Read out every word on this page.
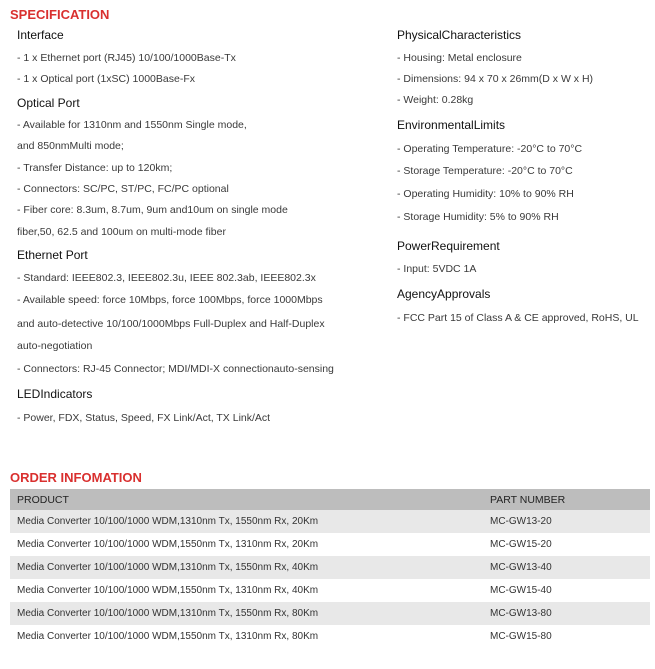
SPECIFICATION
Interface
- 1 x Ethernet port (RJ45) 10/100/1000Base-Tx
- 1 x Optical port (1xSC) 1000Base-Fx
Optical Port
- Available for 1310nm and 1550nm Single mode,
and 850nmMulti mode;
- Transfer Distance: up to 120km;
- Connectors: SC/PC, ST/PC, FC/PC optional
- Fiber core: 8.3um, 8.7um, 9um and10um on single mode
fiber,50, 62.5 and 100um on multi-mode fiber
Ethernet Port
- Standard: IEEE802.3, IEEE802.3u, IEEE 802.3ab, IEEE802.3x
- Available speed: force 10Mbps, force 100Mbps, force 1000Mbps
and auto-detective 10/100/1000Mbps Full-Duplex and Half-Duplex
auto-negotiation
- Connectors: RJ-45 Connector; MDI/MDI-X connectionauto-sensing
LEDIndicators
- Power, FDX, Status, Speed, FX Link/Act, TX Link/Act
PhysicalCharacteristics
- Housing: Metal enclosure
- Dimensions: 94 x 70 x 26mm(D x W x H)
- Weight: 0.28kg
EnvironmentalLimits
- Operating Temperature: -20°C to 70°C
- Storage Temperature: -20°C to 70°C
- Operating Humidity: 10% to 90% RH
- Storage Humidity: 5% to 90% RH
PowerRequirement
- Input: 5VDC 1A
AgencyApprovals
- FCC Part 15 of Class A & CE approved, RoHS, UL
ORDER INFOMATION
PRODUCT	PART NUMBER
Media Converter 10/100/1000 WDM,1310nm Tx, 1550nm Rx, 20Km	MC-GW13-20
Media Converter 10/100/1000 WDM,1550nm Tx, 1310nm Rx, 20Km	MC-GW15-20
Media Converter 10/100/1000 WDM,1310nm Tx, 1550nm Rx, 40Km	MC-GW13-40
Media Converter 10/100/1000 WDM,1550nm Tx, 1310nm Rx, 40Km	MC-GW15-40
Media Converter 10/100/1000 WDM,1310nm Tx, 1550nm Rx, 80Km	MC-GW13-80
Media Converter 10/100/1000 WDM,1550nm Tx, 1310nm Rx, 80Km	MC-GW15-80
